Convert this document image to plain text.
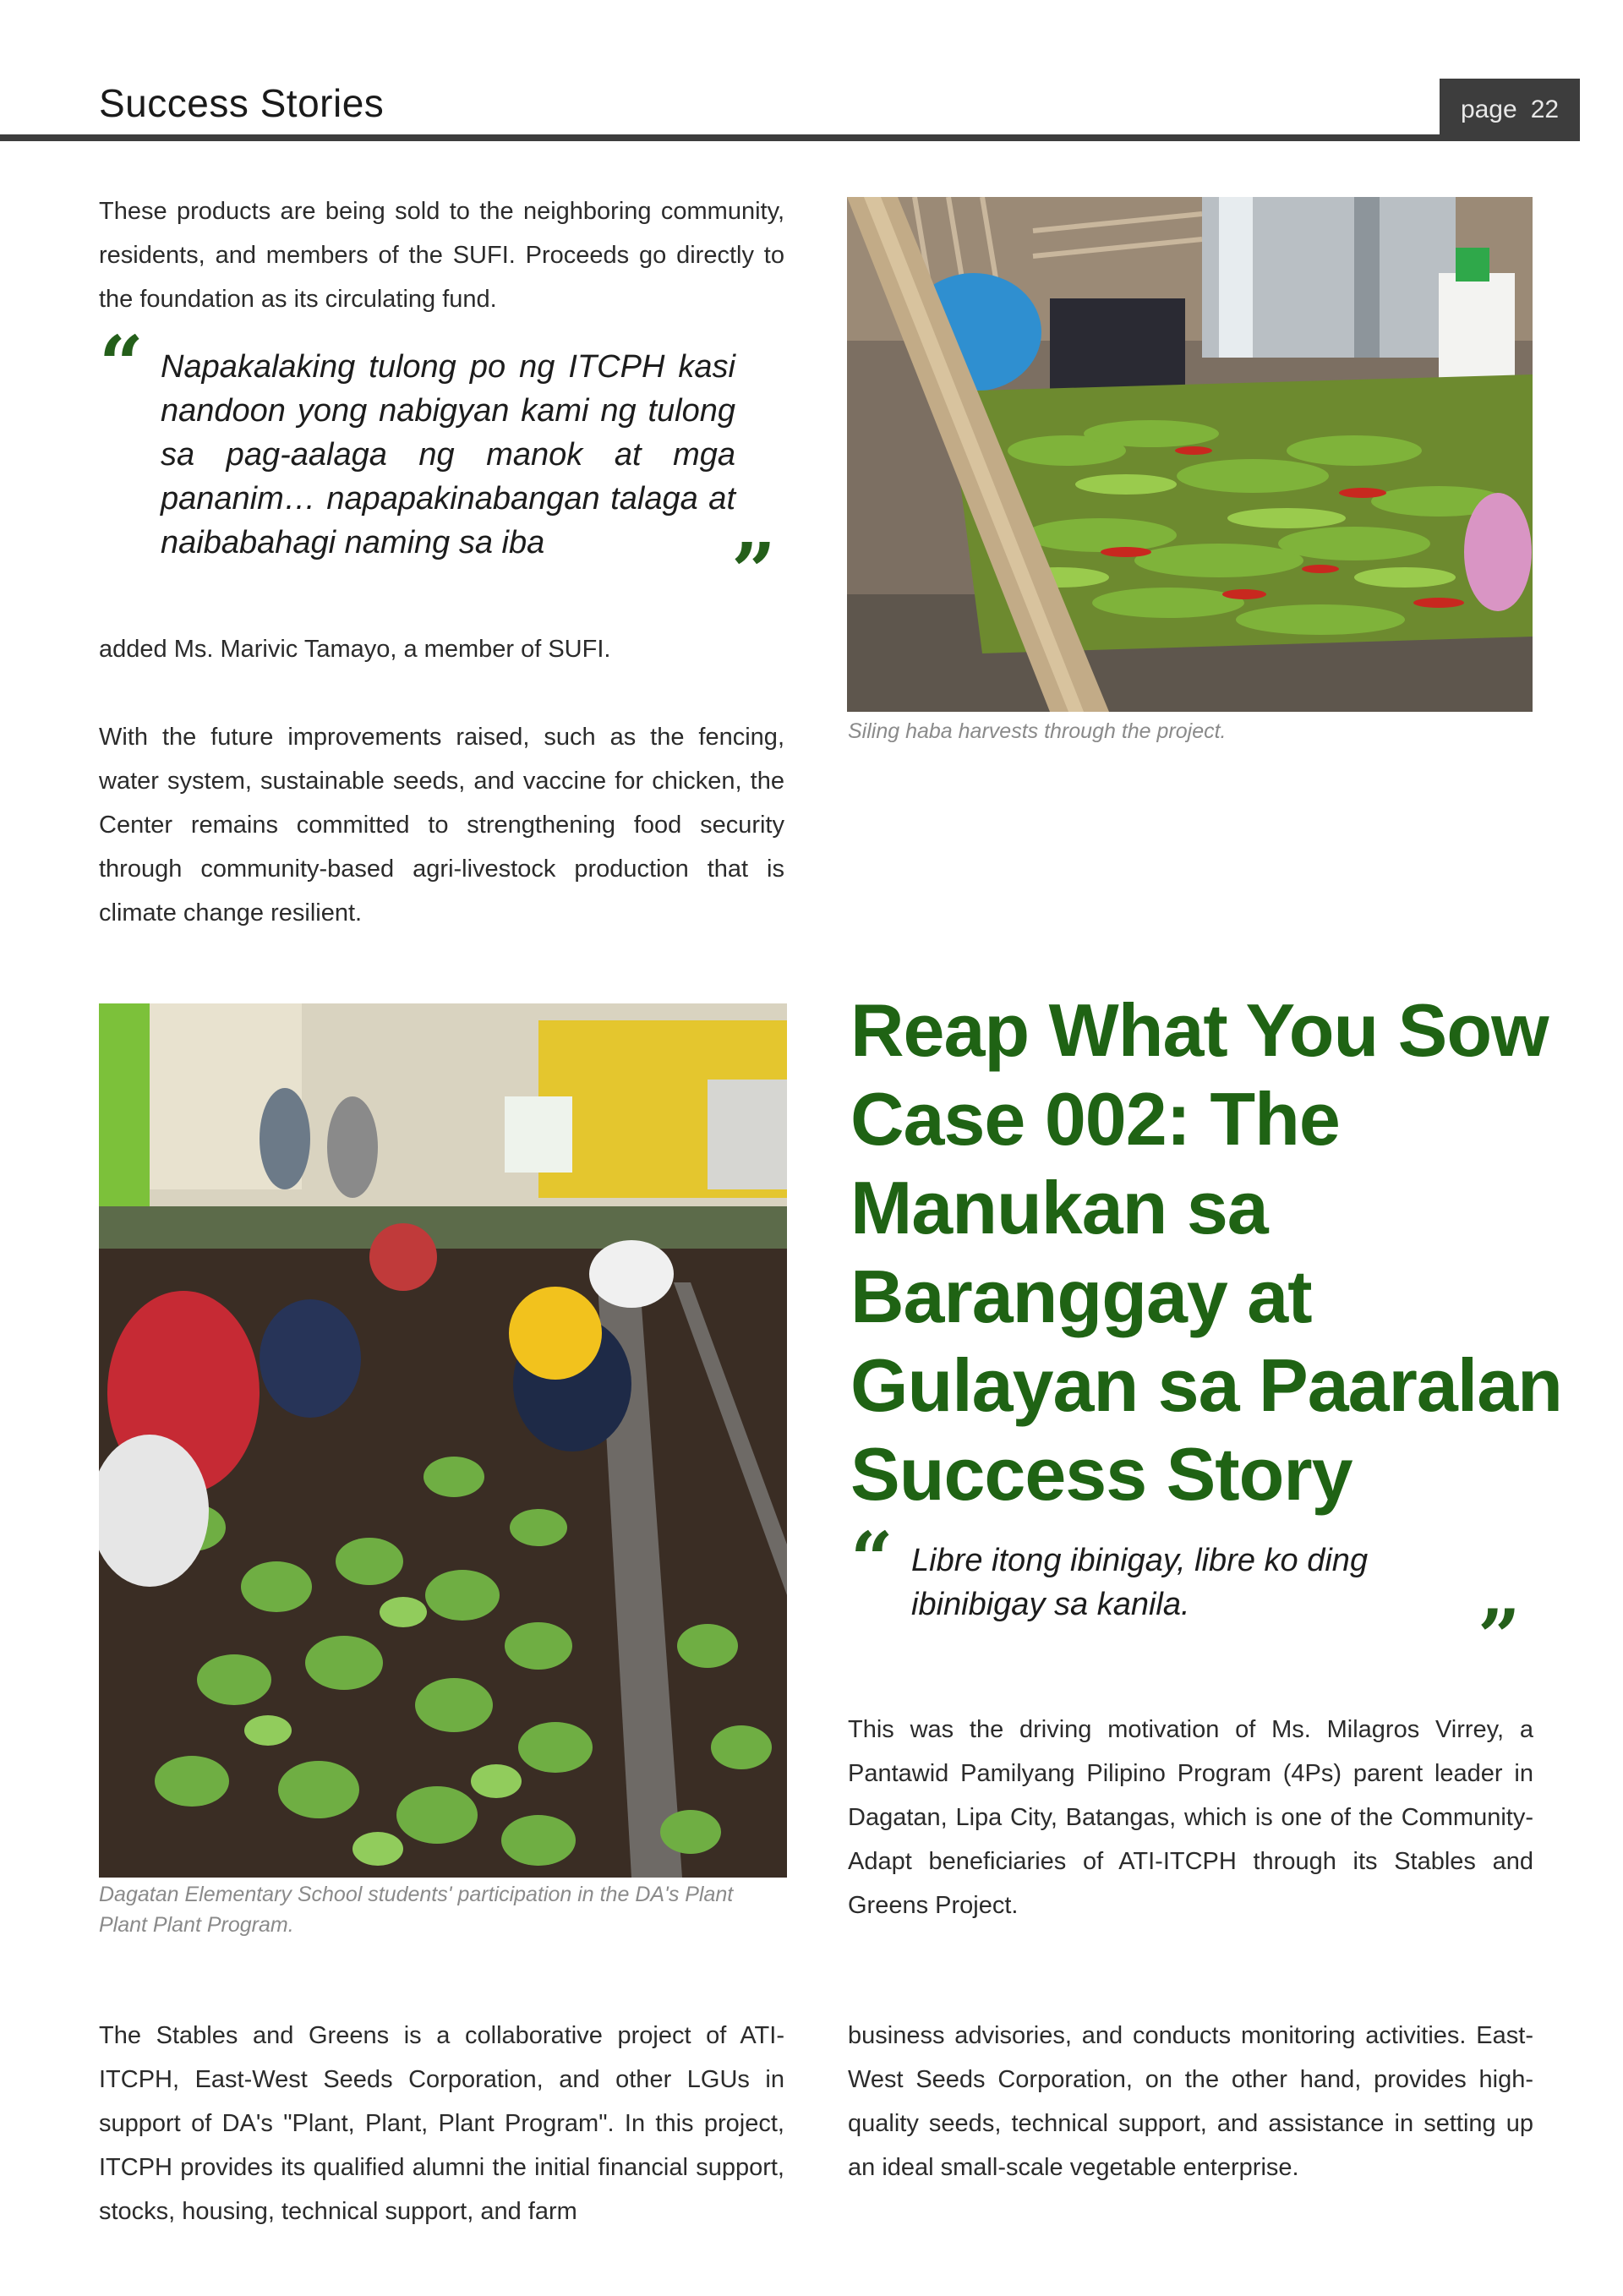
Success Stories	page 22

These products are being sold to the neighboring community, residents, and members of the SUFI. Proceeds go directly to the foundation as its circulating fund.

“ Napakalaking tulong po ng ITCPH kasi nandoon yong nabigyan kami ng tulong sa pag-aalaga ng manok at mga pananim… napapakinabangan talaga at naibabahagi naming sa iba	”

added Ms. Marivic Tamayo, a member of SUFI.

With the future improvements raised, such as the fencing, water system, sustainable seeds, and vaccine for chicken, the Center remains committed to strengthening food security through community-based agri-livestock production that is climate change resilient.

Siling haba harvests through the project.

Dagatan Elementary School students' participation in the DA's Plant Plant Plant Program.

Reap What You Sow Case 002: The Manukan sa Baranggay at Gulayan sa Paaralan Success Story
“ Libre itong ibinigay, libre ko ding ibinibigay sa kanila.	”

This was the driving motivation of Ms. Milagros Virrey, a Pantawid Pamilyang Pilipino Program (4Ps) parent leader in Dagatan, Lipa City, Batangas, which is one of the Community-Adapt beneficiaries of ATI-ITCPH through its Stables and Greens Project.

The Stables and Greens is a collaborative project of ATI-ITCPH, East-West Seeds Corporation, and other LGUs in support of DA's "Plant, Plant, Plant Program". In this project, ITCPH provides its qualified alumni the initial financial support, stocks, housing, technical support, and farm

business advisories, and conducts monitoring activities. East-West Seeds Corporation, on the other hand, provides high-quality seeds, technical support, and assistance in setting up an ideal small-scale vegetable enterprise.
